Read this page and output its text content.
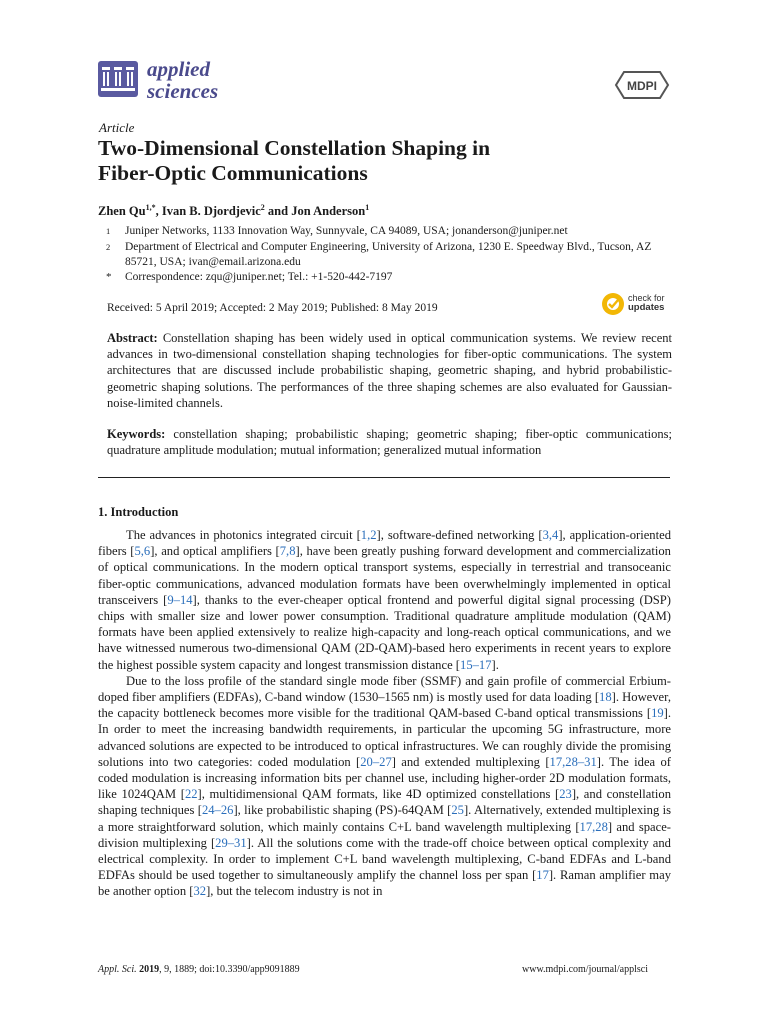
applied
sciences	MDPI
Article
Two-Dimensional Constellation Shaping in
Fiber-Optic Communications
Zhen $Qu^{1,*}$, Ivan B. Djordjevic$^2$ and Jon Anderson$^1$
1 Juniper Networks, 1133 Innovation Way, Sunnyvale, CA 94089, USA; jonanderson@juniper.net
2 Department of Electrical and Computer Engineering, University of Arizona, 1230 E. Speedway Blvd., Tucson, AZ 85721, USA; ivan@email.arizona.edu
* Correspondence: zqu@juniper.net; Tel.: +1-520-442-7197
Received: 5 April 2019; Accepted: 2 May 2019; Published: 8 May 2019
check for
updates
Abstract: Constellation shaping has been widely used in optical communication systems. We review recent advances in two-dimensional constellation shaping technologies for fiber-optic communications. The system architectures that are discussed include probabilistic shaping, geometric shaping, and hybrid probabilistic-geometric shaping solutions. The performances of the three shaping schemes are also evaluated for Gaussian-noise-limited channels.
Keywords: constellation shaping; probabilistic shaping; geometric shaping; fiber-optic communications; quadrature amplitude modulation; mutual information; generalized mutual information
1. Introduction

The advances in photonics integrated circuit [1,2], software-defined networking [3,4], application-oriented fibers [5,6], and optical amplifiers [7,8], have been greatly pushing forward development and commercialization of optical communications. In the modern optical transport systems, especially in terrestrial and transoceanic fiber-optic communications, advanced modulation formats have been overwhelmingly implemented in optical transceivers [9–14], thanks to the ever-cheaper optical frontend and powerful digital signal processing (DSP) chips with smaller size and lower power consumption. Traditional quadrature amplitude modulation (QAM) formats have been applied extensively to realize high-capacity and long-reach optical communications, and we have witnessed numerous two-dimensional QAM (2D-QAM)-based hero experiments in recent years to explore the highest possible system capacity and longest transmission distance [15–17].

Due to the loss profile of the standard single mode fiber (SSMF) and gain profile of commercial Erbium-doped fiber amplifiers (EDFAs), C-band window (1530–1565 nm) is mostly used for data loading [18]. However, the capacity bottleneck becomes more visible for the traditional QAM-based C-band optical transmissions [19]. In order to meet the increasing bandwidth requirements, in particular the upcoming 5G infrastructure, more advanced solutions are expected to be introduced to optical infrastructures. We can roughly divide the promising solutions into two categories: coded modulation [20–27] and extended multiplexing [17,28–31]. The idea of coded modulation is increasing information bits per channel use, including higher-order 2D modulation formats, like 1024QAM [22], multidimensional QAM formats, like 4D optimized constellations [23], and constellation shaping techniques [24–26], like probabilistic shaping (PS)-64QAM [25]. Alternatively, extended multiplexing is a more straightforward solution, which mainly contains C+L band wavelength multiplexing [17,28] and space-division multiplexing [29–31]. All the solutions come with the trade-off choice between optical complexity and electrical complexity. In order to implement C+L band wavelength multiplexing, C-band EDFAs and L-band EDFAs should be used together to simultaneously amplify the channel loss per span [17]. Raman amplifier may be another option [32], but the telecom industry is not in

Appl. Sci. 2019, 9, 1889; doi:10.3390/app9091889	www.mdpi.com/journal/applsci
